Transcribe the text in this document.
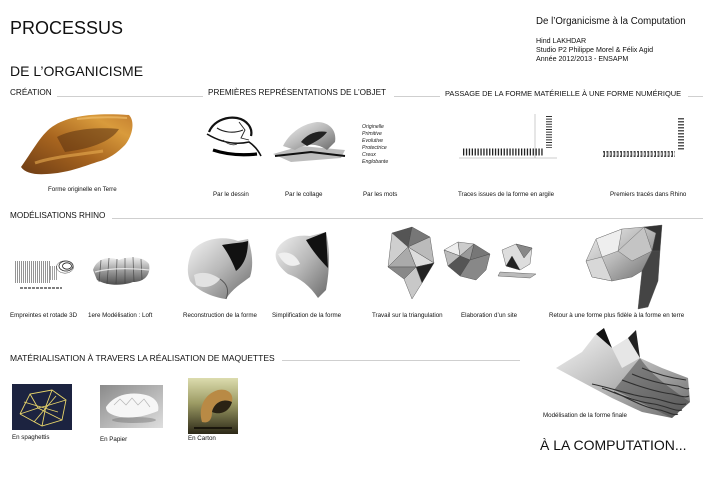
PROCESSUS	De l’Organicisme à la Computation
Hind LAKHDAR
Studio P2 Philippe Morel & Félix Agid
Année 2012/2013 - ENSAPM
DE L’ORGANICISME
CRÉATION	PREMIÈRES REPRÉSENTATIONS DE L’OBJET	PASSAGE DE LA FORME MATÉRIELLE À UNE FORME NUMÉRIQUE
Forme originelle en Terre
Par le dessin	Par le collage
Originelle
Primitive
Evolutive
Protectrice
Creux
Englobante
Par les mots	Traces issues de la forme en argile	Premiers tracés dans Rhino
MODÉLISATIONS RHINO
Empreintes et rotade 3D 1ere Modélisation : Loft	Reconstruction de la forme Simplification de la forme	Travail sur la triangulation	Elaboration d’un site	Retour à une forme plus fidèle à la forme en terre
MATÉRIALISATION À TRAVERS LA RÉALISATION DE MAQUETTES
En spaghettis	En Papier	En Carton
Modélisation de la forme finale
À LA COMPUTATION...
